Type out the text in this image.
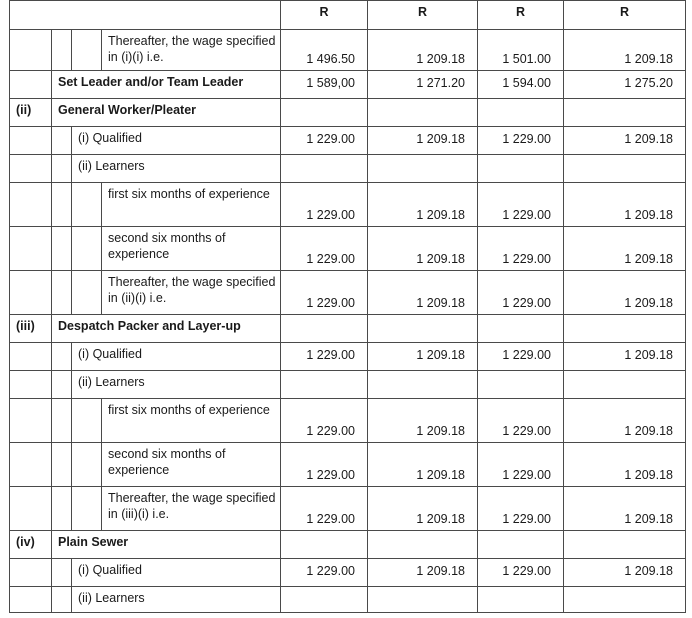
				R	R	R	R
			Thereafter, the wage specified in (i)(i) i.e.	1 496.50	1 209.18	1 501.00	1 209.18
	Set Leader and/or Team Leader			1 589,00	1 271.20	1 594.00	1 275.20
(ii)	General Worker/Pleater						
		(i) Qualified		1 229.00	1 209.18	1 229.00	1 209.18
		(ii) Learners					
			first six months of experience	1 229.00	1 209.18	1 229.00	1 209.18
			second six months of experience	1 229.00	1 209.18	1 229.00	1 209.18
			Thereafter, the wage specified in (ii)(i) i.e.	1 229.00	1 209.18	1 229.00	1 209.18
(iii)	Despatch Packer and Layer-up						
		(i) Qualified		1 229.00	1 209.18	1 229.00	1 209.18
		(ii) Learners					
			first six months of experience	1 229.00	1 209.18	1 229.00	1 209.18
			second six months of experience	1 229.00	1 209.18	1 229.00	1 209.18
			Thereafter, the wage specified in (iii)(i) i.e.	1 229.00	1 209.18	1 229.00	1 209.18
(iv)	Plain Sewer						
		(i) Qualified		1 229.00	1 209.18	1 229.00	1 209.18
		(ii) Learners					
